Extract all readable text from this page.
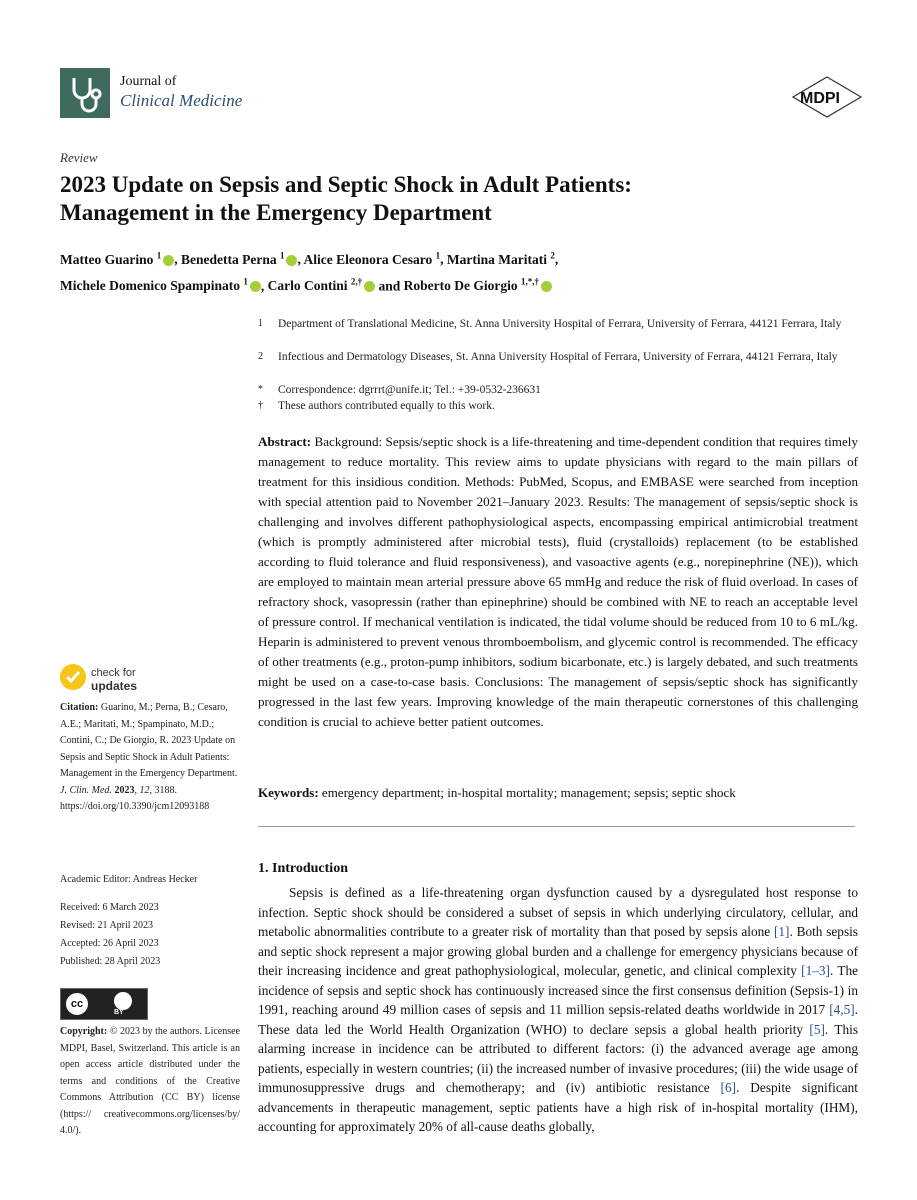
Journal of
Clinical Medicine	MDPI
Review
2023 Update on Sepsis and Septic Shock in Adult Patients: Management in the Emergency Department
Matteo Guarino $^1$ , Benedetta Perna $^1$ , Alice Eleonora Cesaro $^1$, Martina Maritati $^2$,
Michele Domenico Spampinato $^1$ , Carlo Contini $^{2,\dagger}$ and Roberto De Giorgio $^{1,*,\dagger}$
1 Department of Translational Medicine, St. Anna University Hospital of Ferrara, University of Ferrara, 44121 Ferrara, Italy
2 Infectious and Dermatology Diseases, St. Anna University Hospital of Ferrara, University of Ferrara, 44121 Ferrara, Italy
* Correspondence: dgrrrt@unife.it; Tel.: +39-0532-236631
† These authors contributed equally to this work.
Abstract: Background: Sepsis/septic shock is a life-threatening and time-dependent condition that requires timely management to reduce mortality. This review aims to update physicians with regard to the main pillars of treatment for this insidious condition. Methods: PubMed, Scopus, and EMBASE were searched from inception with special attention paid to November 2021–January 2023. Results: The management of sepsis/septic shock is challenging and involves different pathophysiological aspects, encompassing empirical antimicrobial treatment (which is promptly administered after microbial tests), fluid (crystalloids) replacement (to be established according to fluid tolerance and fluid responsiveness), and vasoactive agents (e.g., norepinephrine (NE)), which are employed to maintain mean arterial pressure above 65 mmHg and reduce the risk of fluid overload. In cases of refractory shock, vasopressin (rather than epinephrine) should be combined with NE to reach an acceptable level of pressure control. If mechanical ventilation is indicated, the tidal volume should be reduced from 10 to 6 mL/kg. Heparin is administered to prevent venous thromboembolism, and glycemic control is recommended. The efficacy of other treatments (e.g., proton-pump inhibitors, sodium bicarbonate, etc.) is largely debated, and such treatments might be used on a case-to-case basis. Conclusions: The management of sepsis/septic shock has significantly progressed in the last few years. Improving knowledge of the main therapeutic cornerstones of this challenging condition is crucial to achieve better patient outcomes.
Keywords: emergency department; in-hospital mortality; management; sepsis; septic shock
1. Introduction
Sepsis is defined as a life-threatening organ dysfunction caused by a dysregulated host response to infection. Septic shock should be considered a subset of sepsis in which underlying circulatory, cellular, and metabolic abnormalities contribute to a greater risk of mortality than that posed by sepsis alone [1]. Both sepsis and septic shock represent a major growing global burden and a challenge for emergency physicians because of their increasing incidence and great pathophysiological, molecular, genetic, and clinical complexity [1–3]. The incidence of sepsis and septic shock has continuously increased since the first consensus definition (Sepsis-1) in 1991, reaching around 49 million cases of sepsis and 11 million sepsis-related deaths worldwide in 2017 [4,5]. These data led the World Health Organization (WHO) to declare sepsis a global health priority [5]. This alarming increase in incidence can be attributed to different factors: (i) the advanced average age among patients, especially in western countries; (ii) the increased number of invasive procedures; (iii) the wide usage of immunosuppressive drugs and chemotherapy; and (iv) antibiotic resistance [6]. Despite significant advancements in therapeutic management, septic patients have a high risk of in-hospital mortality (IHM), accounting for approximately 20% of all-cause deaths globally,
check for
updates
Citation: Guarino, M.; Perna, B.; Cesaro, A.E.; Maritati, M.; Spampinato, M.D.; Contini, C.; De Giorgio, R. 2023 Update on Sepsis and Septic Shock in Adult Patients: Management in the Emergency Department. J. Clin. Med. 2023, 12, 3188. https://doi.org/10.3390/jcm12093188
Academic Editor: Andreas Hecker
Received: 6 March 2023
Revised: 21 April 2023
Accepted: 26 April 2023
Published: 28 April 2023
cc
BY
Copyright: © 2023 by the authors. Licensee MDPI, Basel, Switzerland. This article is an open access article distributed under the terms and conditions of the Creative Commons Attribution (CC BY) license (https:// creativecommons.org/licenses/by/ 4.0/).
